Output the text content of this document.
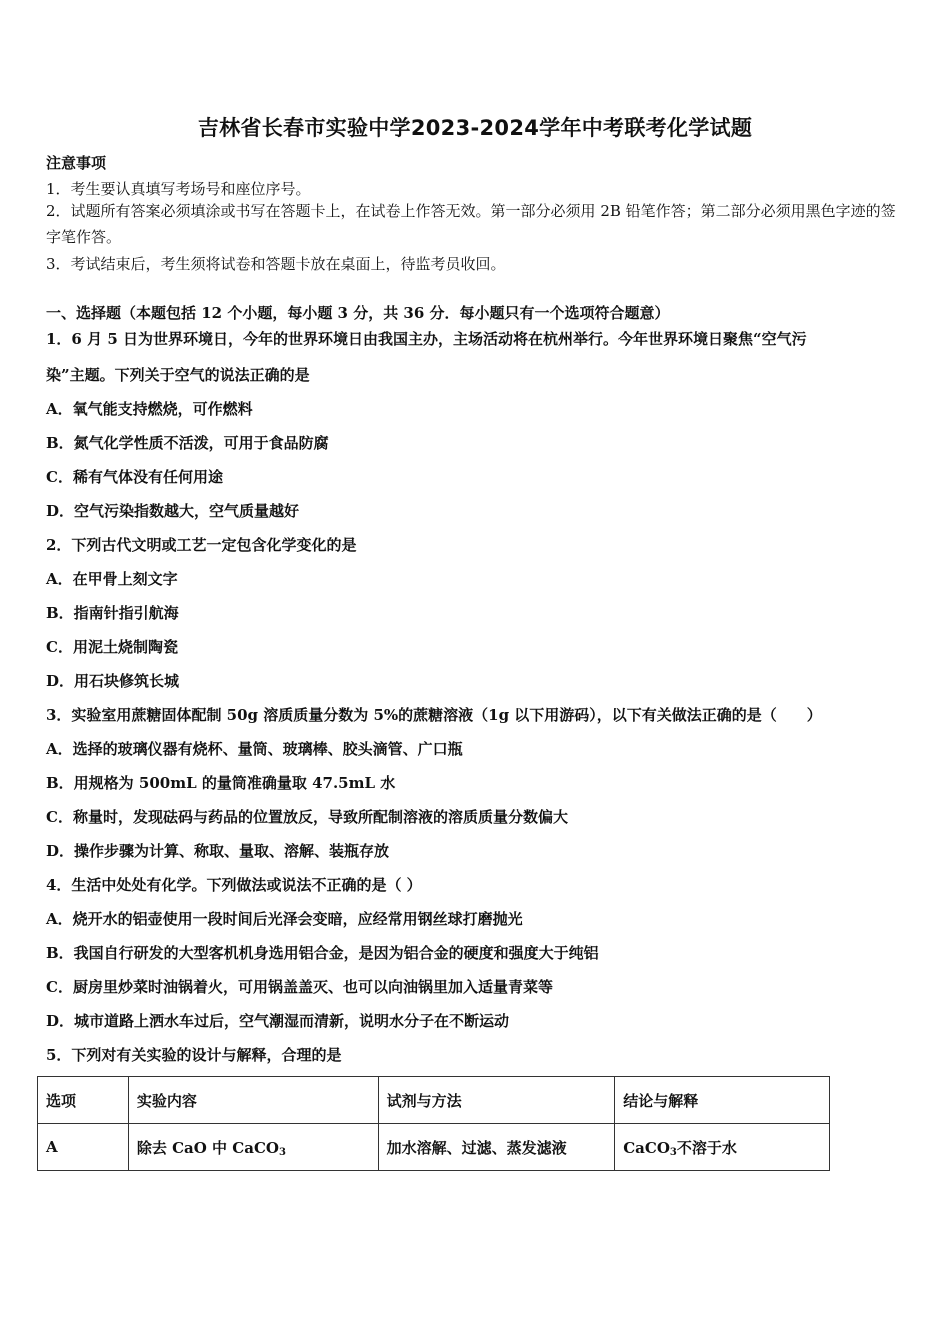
吉林省长春市实验中学2023-2024学年中考联考化学试题
注意事项
1．考生要认真填写考场号和座位序号。
2．试题所有答案必须填涂或书写在答题卡上，在试卷上作答无效。第一部分必须用 2B 铅笔作答；第二部分必须用黑色字迹的签字笔作答。
3．考试结束后，考生须将试卷和答题卡放在桌面上，待监考员收回。
一、选择题（本题包括 12 个小题，每小题 3 分，共 36 分．每小题只有一个选项符合题意）
1．6 月 5 日为世界环境日，今年的世界环境日由我国主办，主场活动将在杭州举行。今年世界环境日聚焦“空气污
染”主题。下列关于空气的说法正确的是
A．氧气能支持燃烧，可作燃料
B．氮气化学性质不活泼，可用于食品防腐
C．稀有气体没有任何用途
D．空气污染指数越大，空气质量越好
2．下列古代文明或工艺一定包含化学变化的是
A．在甲骨上刻文字
B．指南针指引航海
C．用泥土烧制陶瓷
D．用石块修筑长城
3．实验室用蔗糖固体配制 50g 溶质质量分数为 5%的蔗糖溶液（1g 以下用游码），以下有关做法正确的是（　　）
A．选择的玻璃仪器有烧杯、量筒、玻璃棒、胶头滴管、广口瓶
B．用规格为 500mL 的量筒准确量取 47.5mL 水
C．称量时，发现砝码与药品的位置放反，导致所配制溶液的溶质质量分数偏大
D．操作步骤为计算、称取、量取、溶解、装瓶存放
4．生活中处处有化学。下列做法或说法不正确的是（ ）
A．烧开水的铝壶使用一段时间后光泽会变暗，应经常用钢丝球打磨抛光
B．我国自行研发的大型客机机身选用铝合金，是因为铝合金的硬度和强度大于纯铝
C．厨房里炒菜时油锅着火，可用锅盖盖灭、也可以向油锅里加入适量青菜等
D．城市道路上洒水车过后，空气潮湿而清新，说明水分子在不断运动
5．下列对有关实验的设计与解释，合理的是
选项	实验内容	试剂与方法	结论与解释
A	除去 CaO 中 CaCO$_3$	加水溶解、过滤、蒸发滤液	CaCO$_3$不溶于水
